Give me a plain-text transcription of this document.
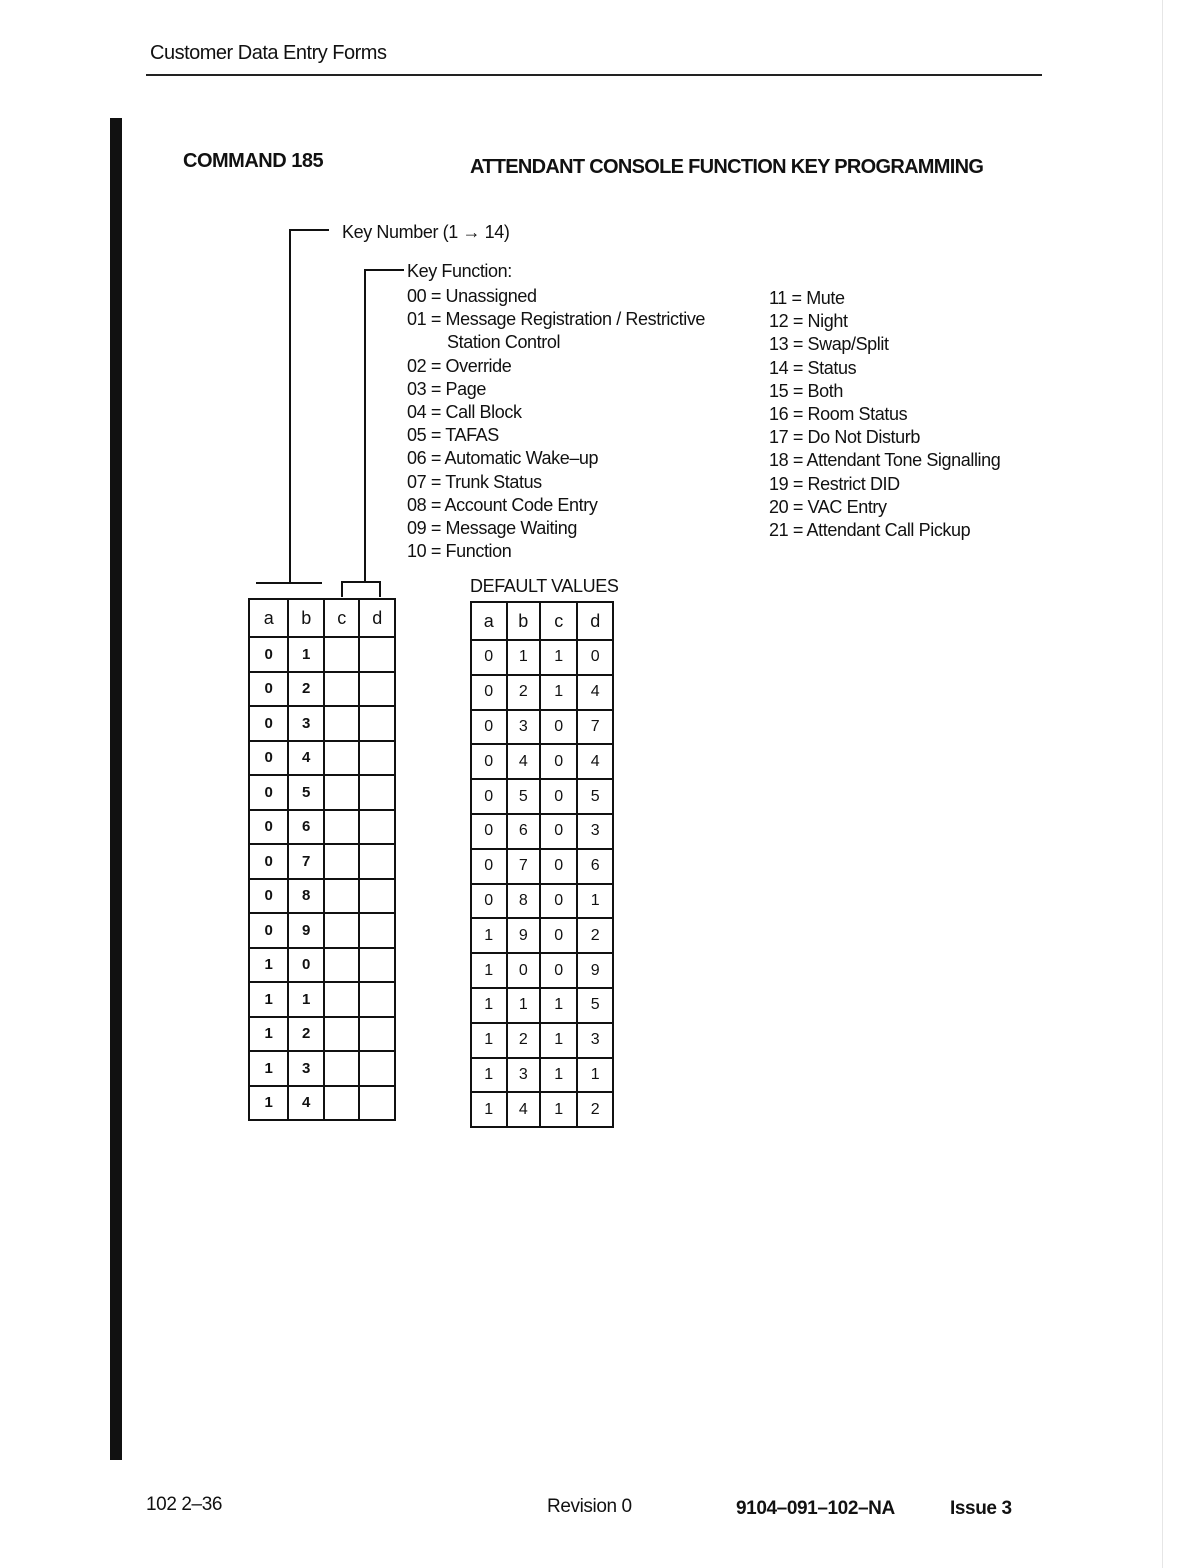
Customer Data Entry Forms
COMMAND 185	ATTENDANT CONSOLE FUNCTION KEY PROGRAMMING
Key Number (1 → 14)
Key Function:
00 = Unassigned
01 = Message Registration / Restrictive
Station Control
02 = Override
03 = Page
04 = Call Block
05 = TAFAS
06 = Automatic Wake–up
07 = Trunk Status
08 = Account Code Entry
09 = Message Waiting
10 = Function
11 = Mute
12 = Night
13 = Swap/Split
14 = Status
15 = Both
16 = Room Status
17 = Do Not Disturb
18 = Attendant Tone Signalling
19 = Restrict DID
20 = VAC Entry
21 = Attendant Call Pickup
a	b	c	d
0	1		
0	2		
0	3		
0	4		
0	5		
0	6		
0	7		
0	8		
0	9		
1	0		
1	1		
1	2		
1	3		
1	4		
DEFAULT VALUES
a	b	c	d
0	1	1	0
0	2	1	4
0	3	0	7
0	4	0	4
0	5	0	5
0	6	0	3
0	7	0	6
0	8	0	1
1	9	0	2
1	0	0	9
1	1	1	5
1	2	1	3
1	3	1	1
1	4	1	2
102 2–36	Revision 0	9104–091–102–NA	Issue 3
